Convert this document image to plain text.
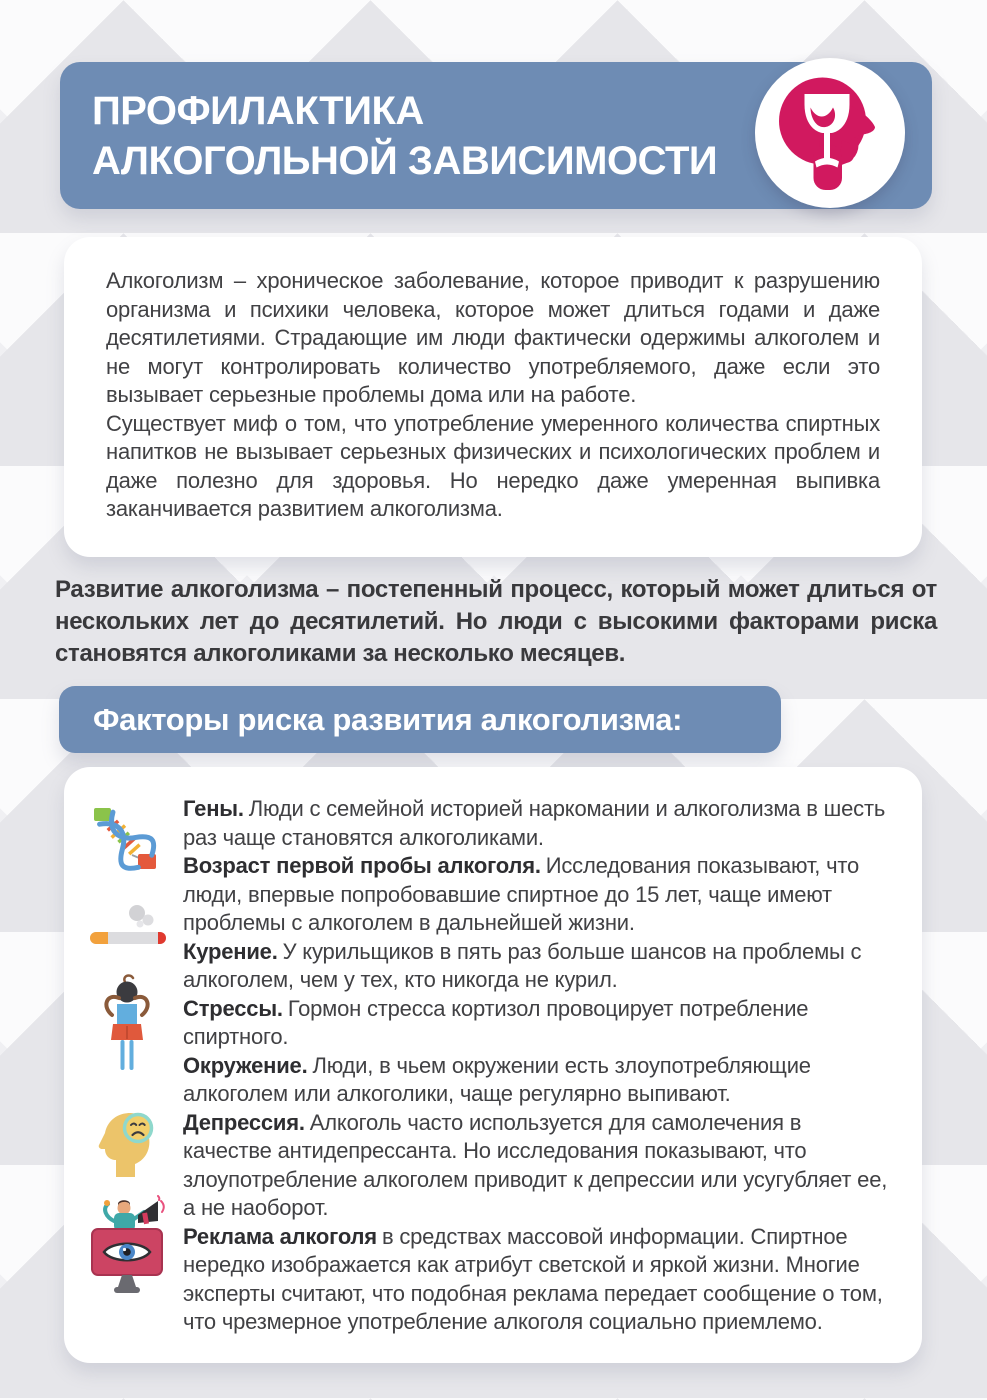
ПРОФИЛАКТИКА
АЛКОГОЛЬНОЙ ЗАВИСИМОСТИ

Алкоголизм – хроническое заболевание, которое приводит к разрушению организма и психики человека, которое может длиться годами и даже десятилетиями. Страдающие им люди фактически одержимы алкоголем и не могут контролировать количество употребляемого, даже если это вызывает серьезные проблемы дома или на работе.

Существует миф о том, что употребление умеренного количества спиртных напитков не вызывает серьезных физических и психологических проблем и даже полезно для здоровья. Но нередко даже умеренная выпивка заканчивается развитием алкоголизма.

Развитие алкоголизма – постепенный процесс, который может длиться от нескольких лет до десятилетий. Но люди с высокими факторами риска становятся алкоголиками за несколько месяцев.

Факторы риска развития алкоголизма:

Гены. Люди с семейной историей наркомании и алкоголизма в шесть раз чаще становятся алкоголиками.

Возраст первой пробы алкоголя. Исследования показывают, что люди, впервые попробовавшие спиртное до 15 лет, чаще имеют проблемы с алкоголем в дальнейшей жизни.

Курение. У курильщиков в пять раз больше шансов на проблемы с алкоголем, чем у тех, кто никогда не курил.

Стрессы. Гормон стресса кортизол провоцирует потребление спиртного.

Окружение. Люди, в чьем окружении есть злоупотребляющие алкоголем или алкоголики, чаще регулярно выпивают.

Депрессия. Алкоголь часто используется для самолечения в качестве антидепрессанта. Но исследования показывают, что злоупотребление алкоголем приводит к депрессии или усугубляет ее, а не наоборот.

Реклама алкоголя в средствах массовой информации. Спиртное нередко изображается как атрибут светской и яркой жизни. Многие эксперты считают, что подобная реклама передает сообщение о том, что чрезмерное употребление алкоголя социально приемлемо.
